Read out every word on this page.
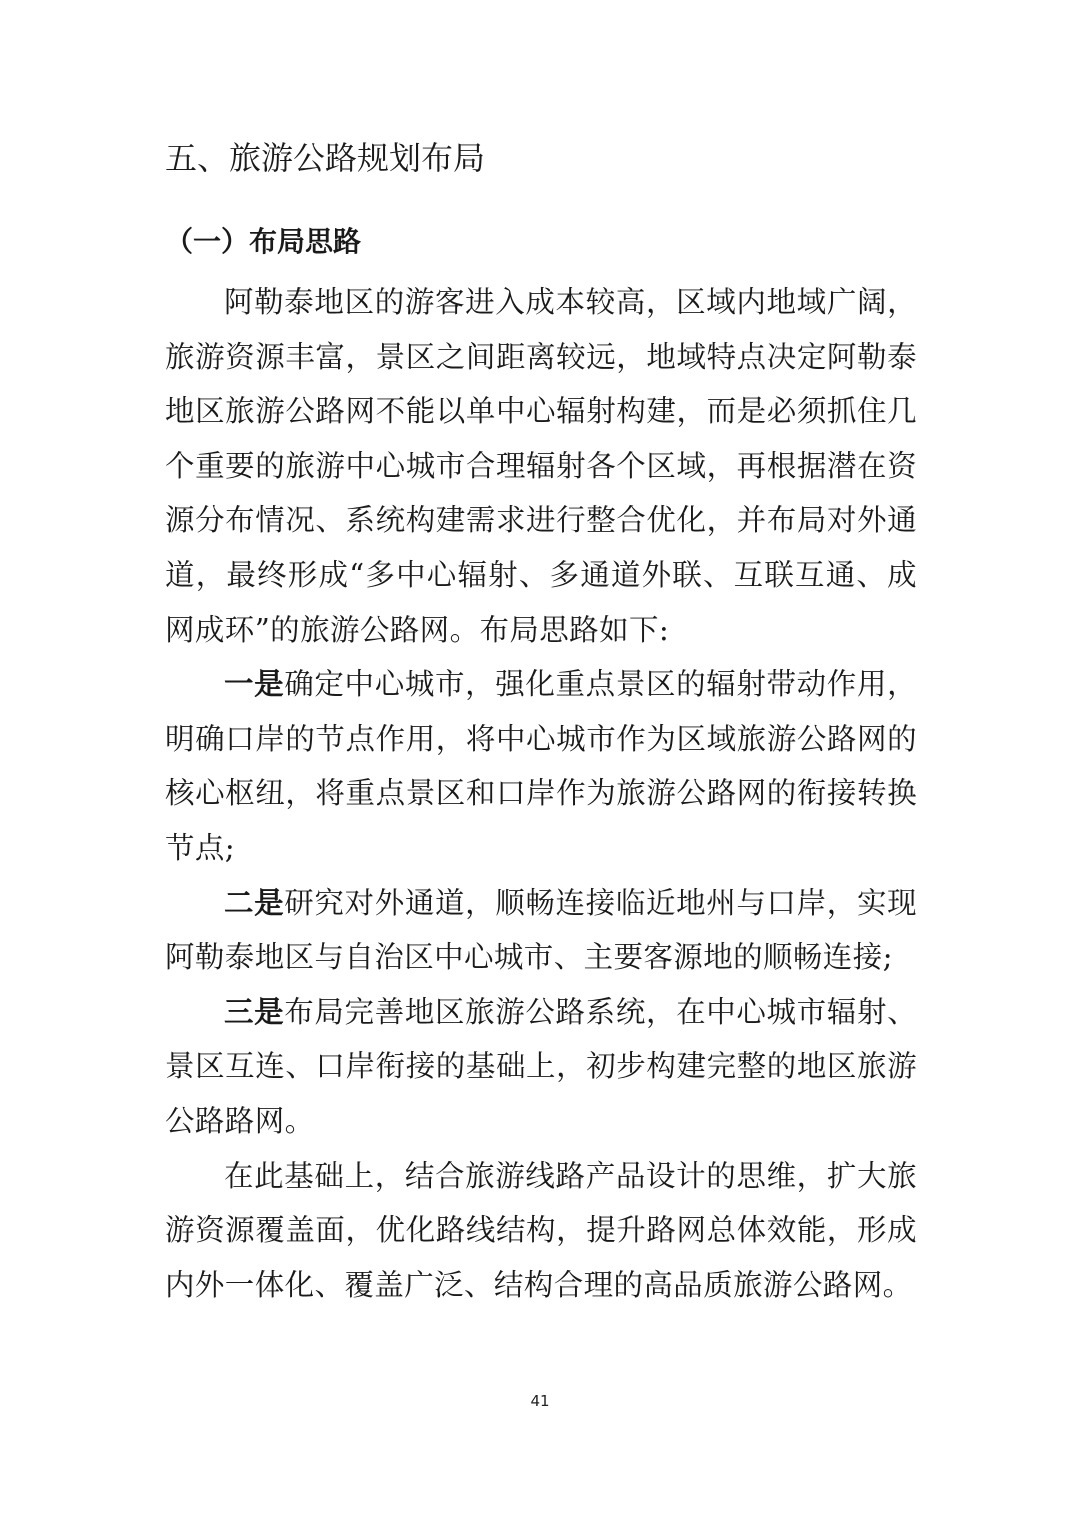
五、旅游公路规划布局
（一）布局思路

阿勒泰地区的游客进入成本较高，区域内地域广阔，旅游资源丰富，景区之间距离较远，地域特点决定阿勒泰地区旅游公路网不能以单中心辐射构建，而是必须抓住几个重要的旅游中心城市合理辐射各个区域，再根据潜在资源分布情况、系统构建需求进行整合优化，并布局对外通道，最终形成“多中心辐射、多通道外联、互联互通、成网成环”的旅游公路网。布局思路如下:

一是确定中心城市，强化重点景区的辐射带动作用，明确口岸的节点作用，将中心城市作为区域旅游公路网的核心枢纽，将重点景区和口岸作为旅游公路网的衔接转换节点;

二是研究对外通道，顺畅连接临近地州与口岸，实现阿勒泰地区与自治区中心城市、主要客源地的顺畅连接;

三是布局完善地区旅游公路系统，在中心城市辐射、景区互连、口岸衔接的基础上，初步构建完整的地区旅游公路路网。

在此基础上，结合旅游线路产品设计的思维，扩大旅游资源覆盖面，优化路线结构，提升路网总体效能，形成内外一体化、覆盖广泛、结构合理的高品质旅游公路网。

41
